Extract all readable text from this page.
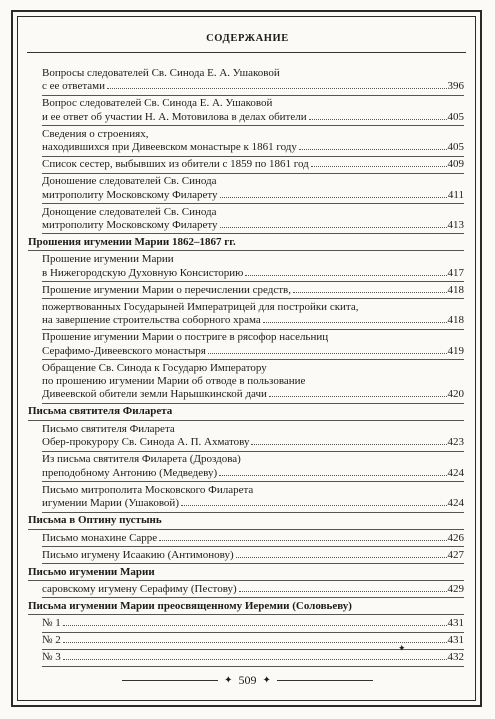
СОДЕРЖАНИЕ
Вопросы следователей Св. Синода Е. А. Ушаковой
с ее ответами	396
Вопрос следователей Св. Синода Е. А. Ушаковой
и ее ответ об участии Н. А. Мотовилова в делах обители	405
Сведения о строениях,
находившихся при Дивеевском монастыре к 1861 году	405
Список сестер, выбывших из обители с 1859 по 1861 год	409
Доношение следователей Св. Синода
митрополиту Московскому Филарету	411
Донощение следователей Св. Синода
митрополиту Московскому Филарету	413
Прошения игумении Марии 1862–1867 гг.
Прошение игумении Марии
в Нижегородскую Духовную Консисторию	417
Прошение игумении Марии о перечислении средств,	418
пожертвованных Государыней Императрицей для постройки скита,
на завершение строительства соборного храма	418
Прошение игумении Марии о постриге в рясофор насельниц
Серафимо-Дивеевского монастыря	419
Обращение Св. Синода к Государю Императору
по прошению игумении Марии об отводе в пользование
Дивеевской обители земли Нарышкинской дачи	420
Письма святителя Филарета
Письмо святителя Филарета
Обер-прокурору Св. Синода А. П. Ахматову	423
Из письма святителя Филарета (Дроздова)
преподобному Антонию (Медведеву)	424
Письмо митрополита Московского Филарета
игумении Марии (Ушаковой)	424
Письма в Оптину пустынь
Письмо монахине Сарре	426
Письмо игумену Исаакию (Антимонову)	427
Письмо игумении Марии
саровскому игумену Серафиму (Пестову)	429
Письма игумении Марии преосвященному Иеремии (Соловьеву)
№ 1	431
№ 2	431
№ 3	432
✦
✦ 509 ✦
